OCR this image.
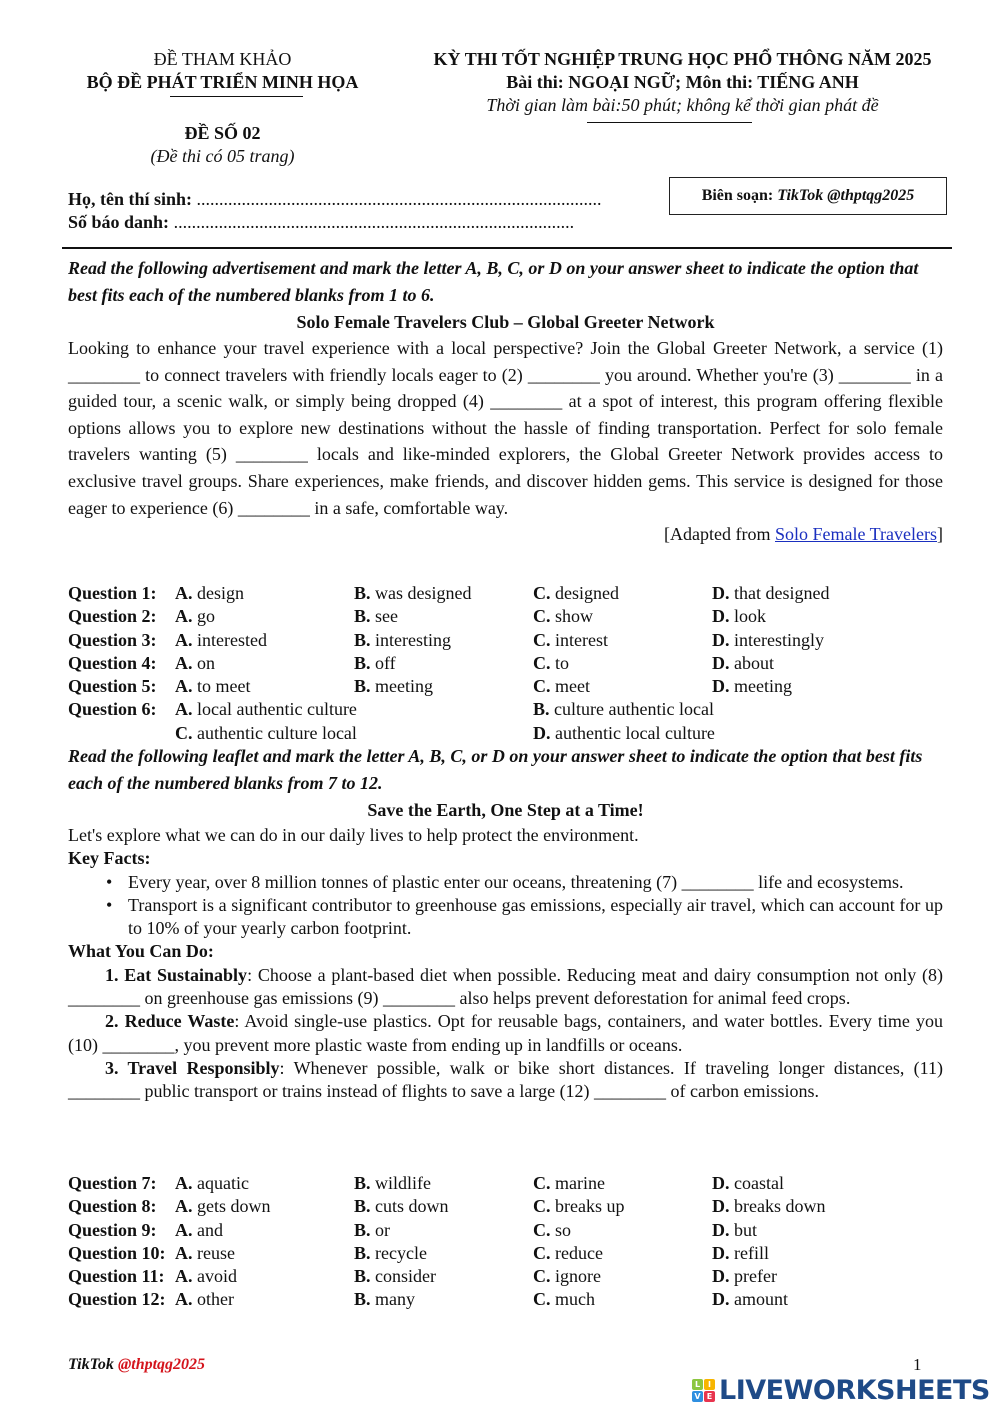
ĐỀ THAM KHẢO
BỘ ĐỀ PHÁT TRIỂN MINH HỌA
ĐỀ SỐ 02
(Đề thi có 05 trang)
KỲ THI TỐT NGHIỆP TRUNG HỌC PHỔ THÔNG NĂM 2025
Bài thi: NGOẠI NGỮ; Môn thi: TIẾNG ANH
Thời gian làm bài:50 phút; không kể thời gian phát đề
Biên soạn:
TikTok @thptqg2025
Họ, tên thí sinh: ..........................................................................................
Số báo danh: .........................................................................................
Read the following advertisement and mark the letter A, B, C, or D on your answer sheet to indicate the option that best fits each of the numbered blanks from 1 to 6.
Solo Female Travelers Club – Global Greeter Network
Looking to enhance your travel experience with a local perspective? Join the Global Greeter Network, a service (1) ________ to connect travelers with friendly locals eager to (2) ________ you around. Whether you're (3) ________ in a guided tour, a scenic walk, or simply being dropped (4) ________ at a spot of interest, this program offering flexible options allows you to explore new destinations without the hassle of finding transportation. Perfect for solo female travelers wanting (5) ________ locals and like-minded explorers, the Global Greeter Network provides access to exclusive travel groups. Share experiences, make friends, and discover hidden gems. This service is designed for those eager to experience (6) ________ in a safe, comfortable way.
[Adapted from Solo Female Travelers]
Question 1:	A. design	B. was designed	C. designed	D. that designed
Question 2:	A. go	B. see	C. show	D. look
Question 3:	A. interested	B. interesting	C. interest	D. interestingly
Question 4:	A. on	B. off	C. to	D. about
Question 5:	A. to meet	B. meeting	C. meet	D. meeting
Question 6:	A. local authentic culture	B. culture authentic local
C. authentic culture local	D. authentic local culture
Read the following leaflet and mark the letter A, B, C, or D on your answer sheet to indicate the option that best fits each of the numbered blanks from 7 to 12.
Save the Earth, One Step at a Time!
Let's explore what we can do in our daily lives to help protect the environment.
Key Facts:
• Every year, over 8 million tonnes of plastic enter our oceans, threatening (7) ________ life and ecosystems.
• Transport is a significant contributor to greenhouse gas emissions, especially air travel, which can account for up to 10% of your yearly carbon footprint.
What You Can Do:
1. Eat Sustainably: Choose a plant-based diet when possible. Reducing meat and dairy consumption not only (8) ________ on greenhouse gas emissions (9) ________ also helps prevent deforestation for animal feed crops.
2. Reduce Waste: Avoid single-use plastics. Opt for reusable bags, containers, and water bottles. Every time you (10) ________, you prevent more plastic waste from ending up in landfills or oceans.
3. Travel Responsibly: Whenever possible, walk or bike short distances. If traveling longer distances, (11) ________ public transport or trains instead of flights to save a large (12) ________ of carbon emissions.
Question 7:	A. aquatic	B. wildlife	C. marine	D. coastal
Question 8:	A. gets down	B. cuts down	C. breaks up	D. breaks down
Question 9:	A. and	B. or	C. so	D. but
Question 10: A. reuse	B. recycle	C. reduce	D. refill
Question 11: A. avoid	B. consider	C. ignore	D. prefer
Question 12: A. other	B. many	C. much	D. amount
TikTok @thptqg2025	1
L I
V E LIVEWORKSHEETS
